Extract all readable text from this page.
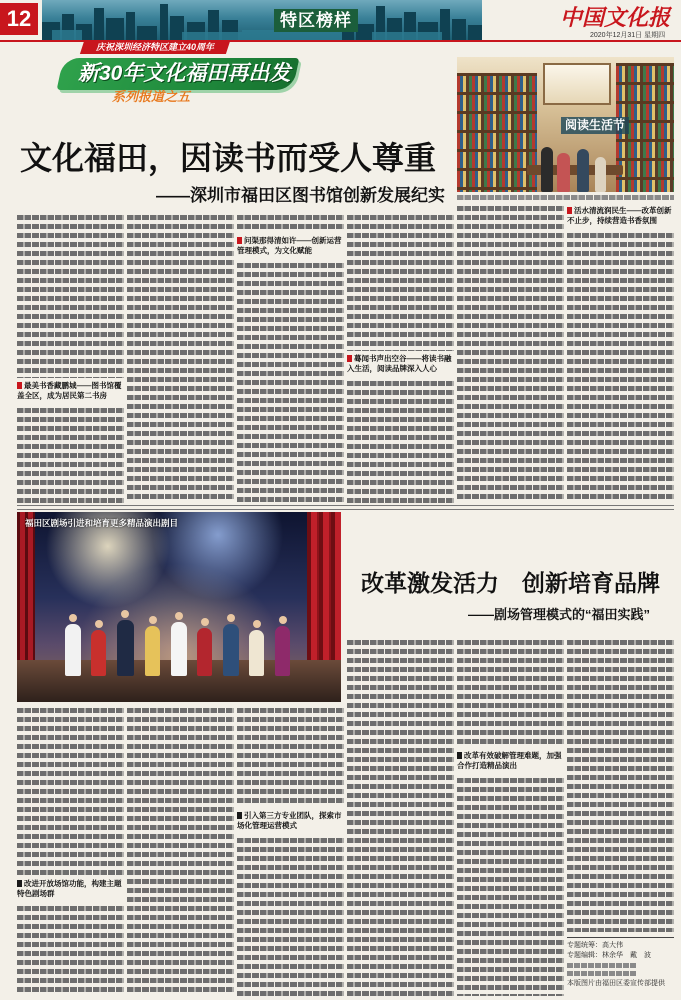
12	特区榜样
庆祝深圳经济特区建立40周年
中国文化报
2020年12月31日 星期四
新30年文化福田再出发
系列报道之五
阅读生活节
文化福田，因读书而受人尊重
——深圳市福田区图书馆创新发展纪实
最美书香藏鹏城——图书馆覆盖全区，成为居民第二书房
问渠那得清如许——创新运营管理模式，为文化赋能
蓦闻书声出空谷——将读书融入生活，阅读品牌深入人心
活水清流润民生——改革创新不止步，持续营造书香氛围
福田区剧场引进和培育更多精品演出剧目
改革激发活力　创新培育品牌
——剧场管理模式的“福田实践”
改进开放场馆功能，构建主题特色剧场群
引入第三方专业团队，探索市场化管理运营模式
改革有效破解管理难题，加强合作打造精品演出
专题统筹：高大伟
专题编辑：林余华　戴　波
本版图片由福田区委宣传部提供
